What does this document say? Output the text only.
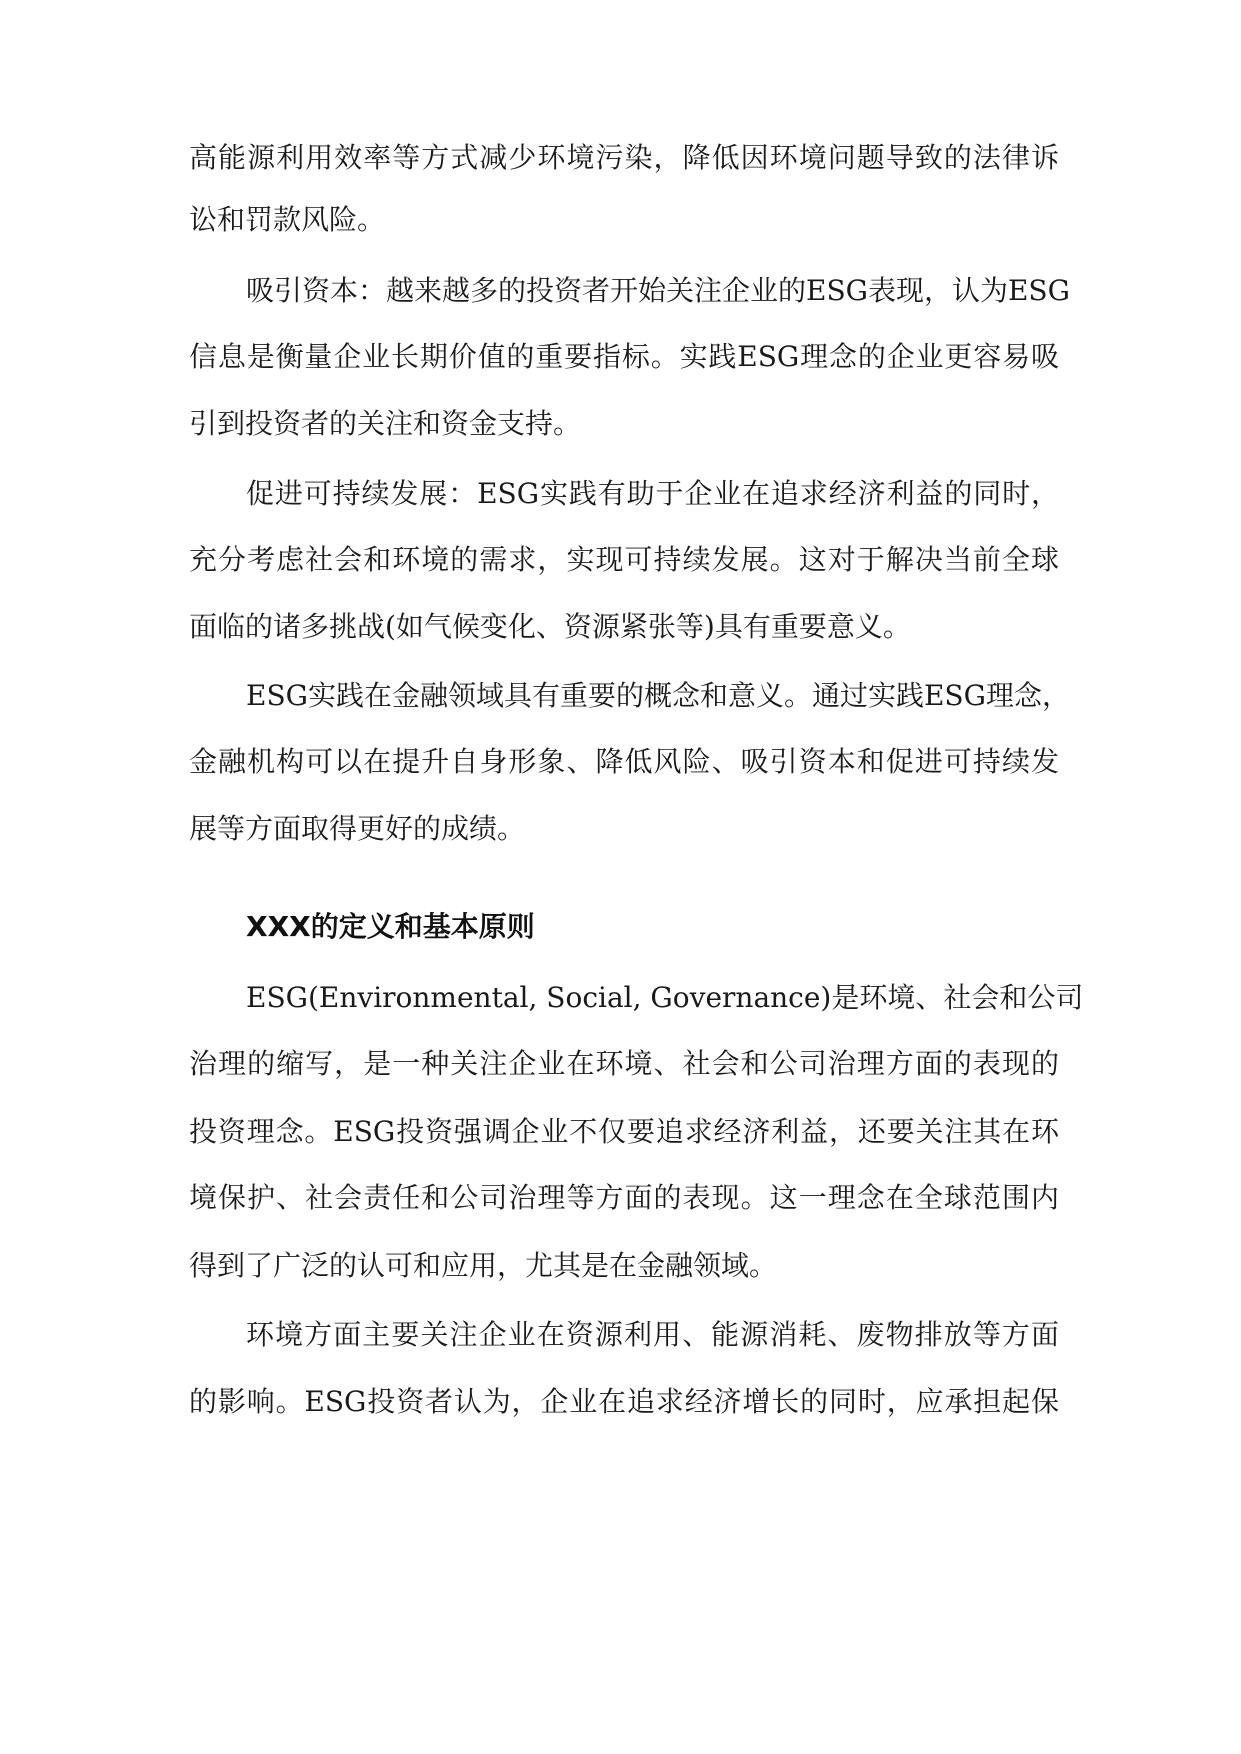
高能源利用效率等方式减少环境污染，降低因环境问题导致的法律诉

讼和罚款风险。

吸引资本：越来越多的投资者开始关注企业的ESG表现，认为ESG

信息是衡量企业长期价值的重要指标。实践ESG理念的企业更容易吸

引到投资者的关注和资金支持。

促进可持续发展：ESG实践有助于企业在追求经济利益的同时，

充分考虑社会和环境的需求，实现可持续发展。这对于解决当前全球

面临的诸多挑战(如气候变化、资源紧张等)具有重要意义。

ESG实践在金融领域具有重要的概念和意义。通过实践ESG理念，

金融机构可以在提升自身形象、降低风险、吸引资本和促进可持续发

展等方面取得更好的成绩。

XXX的定义和基本原则

ESG(Environmental, Social, Governance)是环境、社会和公司

治理的缩写，是一种关注企业在环境、社会和公司治理方面的表现的

投资理念。ESG投资强调企业不仅要追求经济利益，还要关注其在环

境保护、社会责任和公司治理等方面的表现。这一理念在全球范围内

得到了广泛的认可和应用，尤其是在金融领域。

环境方面主要关注企业在资源利用、能源消耗、废物排放等方面

的影响。ESG投资者认为，企业在追求经济增长的同时，应承担起保
